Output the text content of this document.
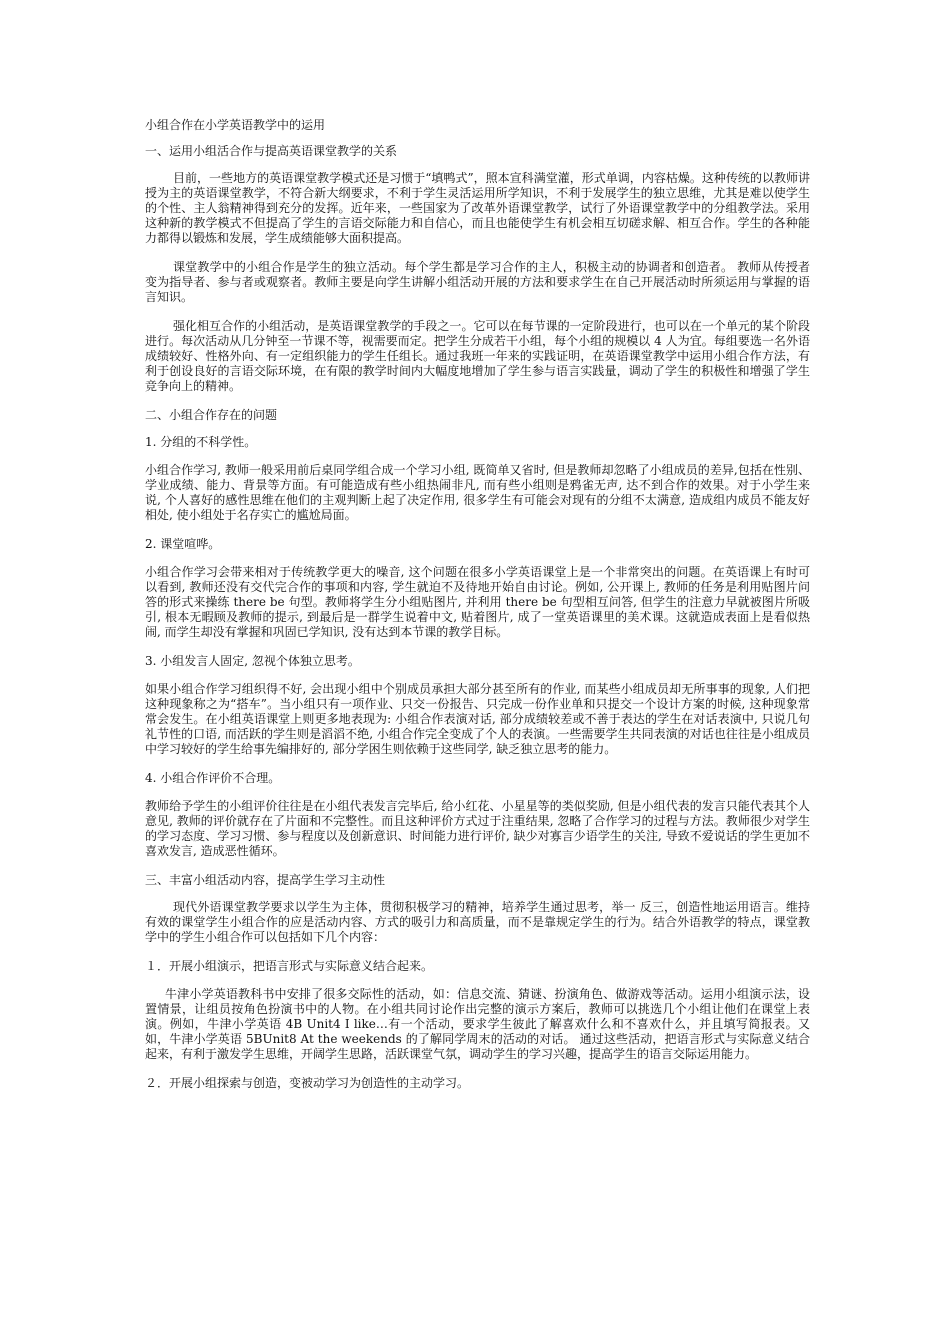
小组合作在小学英语教学中的运用

一、运用小组活合作与提高英语课堂教学的关系

目前，一些地方的英语课堂教学模式还是习惯于“填鸭式”，照本宣科满堂灌，形式单调，内容枯燥。这种传统的以教师讲授为主的英语课堂教学，不符合新大纲要求，不利于学生灵活运用所学知识，不利于发展学生的独立思维，尤其是难以使学生的个性、主人翁精神得到充分的发挥。近年来，一些国家为了改革外语课堂教学，试行了外语课堂教学中的分组教学法。采用这种新的教学模式不但提高了学生的言语交际能力和自信心，而且也能使学生有机会相互切磋求解、相互合作。学生的各种能力都得以锻炼和发展，学生成绩能够大面积提高。

课堂教学中的小组合作是学生的独立活动。每个学生都是学习合作的主人，积极主动的协调者和创造者。 教师从传授者变为指导者、参与者或观察者。教师主要是向学生讲解小组活动开展的方法和要求学生在自己开展活动时所须运用与掌握的语言知识。

强化相互合作的小组活动，是英语课堂教学的手段之一。它可以在每节课的一定阶段进行，也可以在一个单元的某个阶段进行。每次活动从几分钟至一节课不等，视需要而定。把学生分成若干小组，每个小组的规模以 4 人为宜。每组要选一名外语成绩较好、性格外向、有一定组织能力的学生任组长。通过我班一年来的实践证明，在英语课堂教学中运用小组合作方法，有利于创设良好的言语交际环境，在有限的教学时间内大幅度地增加了学生参与语言实践量，调动了学生的积极性和增强了学生竞争向上的精神。

二、小组合作存在的问题

1. 分组的不科学性。

小组合作学习, 教师一般采用前后桌同学组合成一个学习小组, 既简单又省时, 但是教师却忽略了小组成员的差异,包括在性别、学业成绩、能力、背景等方面。有可能造成有些小组热闹非凡, 而有些小组则是鸦雀无声, 达不到合作的效果。对于小学生来说, 个人喜好的感性思维在他们的主观判断上起了决定作用, 很多学生有可能会对现有的分组不太满意, 造成组内成员不能友好相处, 使小组处于名存实亡的尴尬局面。

2. 课堂喧哗。

小组合作学习会带来相对于传统教学更大的噪音, 这个问题在很多小学英语课堂上是一个非常突出的问题。在英语课上有时可以看到, 教师还没有交代完合作的事项和内容, 学生就迫不及待地开始自由讨论。例如, 公开课上, 教师的任务是利用贴图片问答的形式来操练 there be 句型。教师将学生分小组贴图片, 并利用 there be 句型相互问答, 但学生的注意力早就被图片所吸引, 根本无暇顾及教师的提示, 到最后是一群学生说着中文, 贴着图片, 成了一堂英语课里的美术课。这就造成表面上是看似热闹, 而学生却没有掌握和巩固已学知识, 没有达到本节课的教学目标。

3. 小组发言人固定, 忽视个体独立思考。

如果小组合作学习组织得不好, 会出现小组中个别成员承担大部分甚至所有的作业, 而某些小组成员却无所事事的现象, 人们把这种现象称之为“搭车”。当小组只有一项作业、只交一份报告、只完成一份作业单和只提交一个设计方案的时候, 这种现象常常会发生。在小组英语课堂上则更多地表现为: 小组合作表演对话, 部分成绩较差或不善于表达的学生在对话表演中, 只说几句礼节性的口语, 而活跃的学生则是滔滔不绝, 小组合作完全变成了个人的表演。一些需要学生共同表演的对话也往往是小组成员中学习较好的学生给事先编排好的, 部分学困生则依赖于这些同学, 缺乏独立思考的能力。

4. 小组合作评价不合理。

教师给予学生的小组评价往往是在小组代表发言完毕后, 给小红花、小星星等的类似奖励, 但是小组代表的发言只能代表其个人意见, 教师的评价就存在了片面和不完整性。而且这种评价方式过于注重结果, 忽略了合作学习的过程与方法。教师很少对学生的学习态度、学习习惯、参与程度以及创新意识、时间能力进行评价, 缺少对寡言少语学生的关注, 导致不爱说话的学生更加不喜欢发言, 造成恶性循环。

三、丰富小组活动内容，提高学生学习主动性

现代外语课堂教学要求以学生为主体，贯彻积极学习的精神，培养学生通过思考，举一 反三，创造性地运用语言。维持有效的课堂学生小组合作的应是活动内容、方式的吸引力和高质量，而不是靠规定学生的行为。结合外语教学的特点，课堂教学中的学生小组合作可以包括如下几个内容：

１．开展小组演示，把语言形式与实际意义结合起来。

牛津小学英语教科书中安排了很多交际性的活动，如：信息交流、猜谜、扮演角色、做游戏等活动。运用小组演示法，设置情景，让组员按角色扮演书中的人物。在小组共同讨论作出完整的演示方案后，教师可以挑选几个小组让他们在课堂上表演。例如，牛津小学英语 4B Unit4 I like…有一个活动，要求学生彼此了解喜欢什么和不喜欢什么，并且填写简报表。又如，牛津小学英语 5BUnit8 At the weekends 的了解同学周末的活动的对话。 通过这些活动，把语言形式与实际意义结合起来，有利于激发学生思维，开阔学生思路，活跃课堂气氛，调动学生的学习兴趣，提高学生的语言交际运用能力。

２．开展小组探索与创造，变被动学习为创造性的主动学习。
